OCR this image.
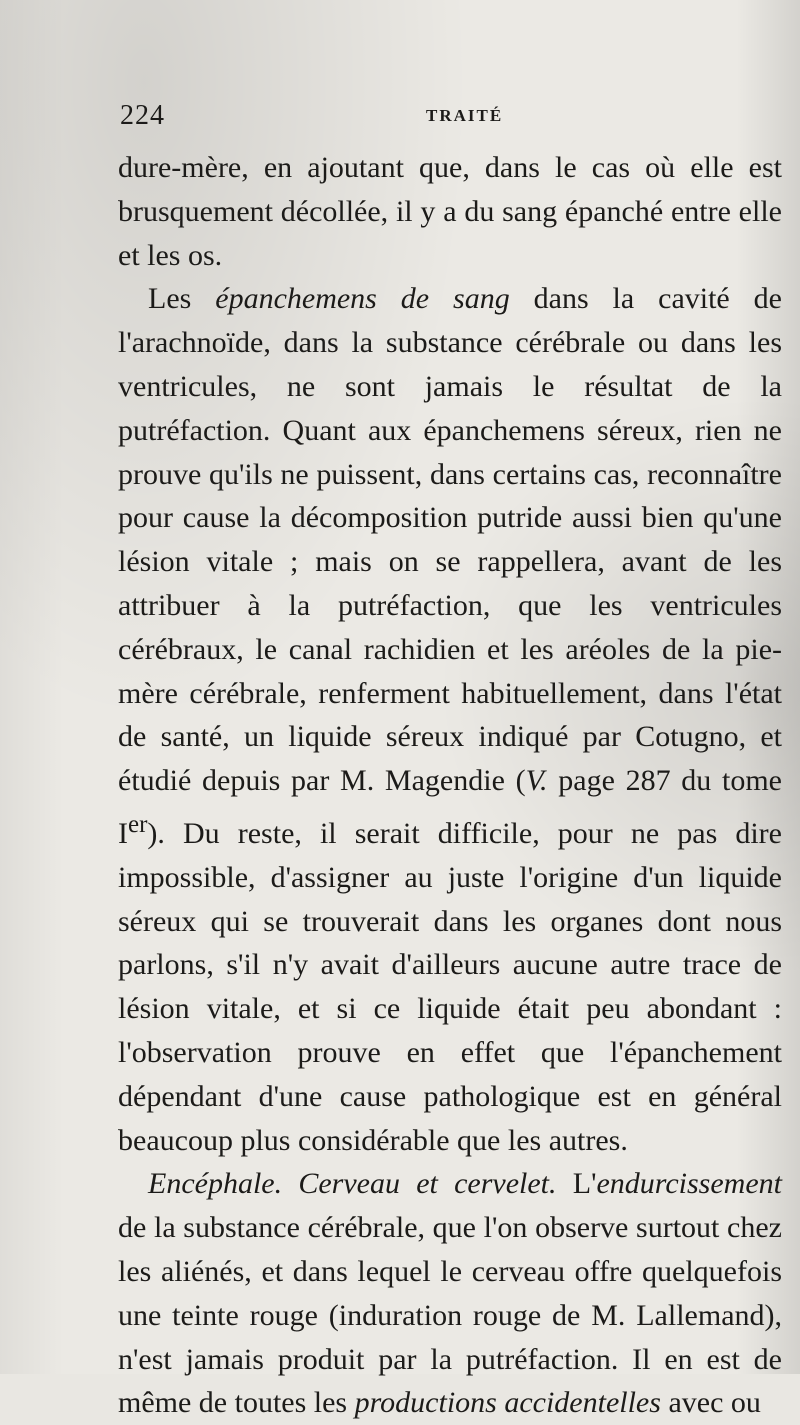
224	TRAITÉ

dure-mère, en ajoutant que, dans le cas où elle est brusquement décollée, il y a du sang épanché entre elle et les os.

Les épanchemens de sang dans la cavité de l'arachnoïde, dans la substance cérébrale ou dans les ventricules, ne sont jamais le résultat de la putréfaction. Quant aux épanchemens séreux, rien ne prouve qu'ils ne puissent, dans certains cas, reconnaître pour cause la décomposition putride aussi bien qu'une lésion vitale ; mais on se rappellera, avant de les attribuer à la putréfaction, que les ventricules cérébraux, le canal rachidien et les aréoles de la pie-mère cérébrale, renferment habituellement, dans l'état de santé, un liquide séreux indiqué par Cotugno, et étudié depuis par M. Magendie (V. page 287 du tome Ier). Du reste, il serait difficile, pour ne pas dire impossible, d'assigner au juste l'origine d'un liquide séreux qui se trouverait dans les organes dont nous parlons, s'il n'y avait d'ailleurs aucune autre trace de lésion vitale, et si ce liquide était peu abondant : l'observation prouve en effet que l'épanchement dépendant d'une cause pathologique est en général beaucoup plus considérable que les autres.

Encéphale. Cerveau et cervelet. L'endurcissement de la substance cérébrale, que l'on observe surtout chez les aliénés, et dans lequel le cerveau offre quelquefois une teinte rouge (induration rouge de M. Lallemand), n'est jamais produit par la putréfaction. Il en est de même de toutes les productions accidentelles avec ou
